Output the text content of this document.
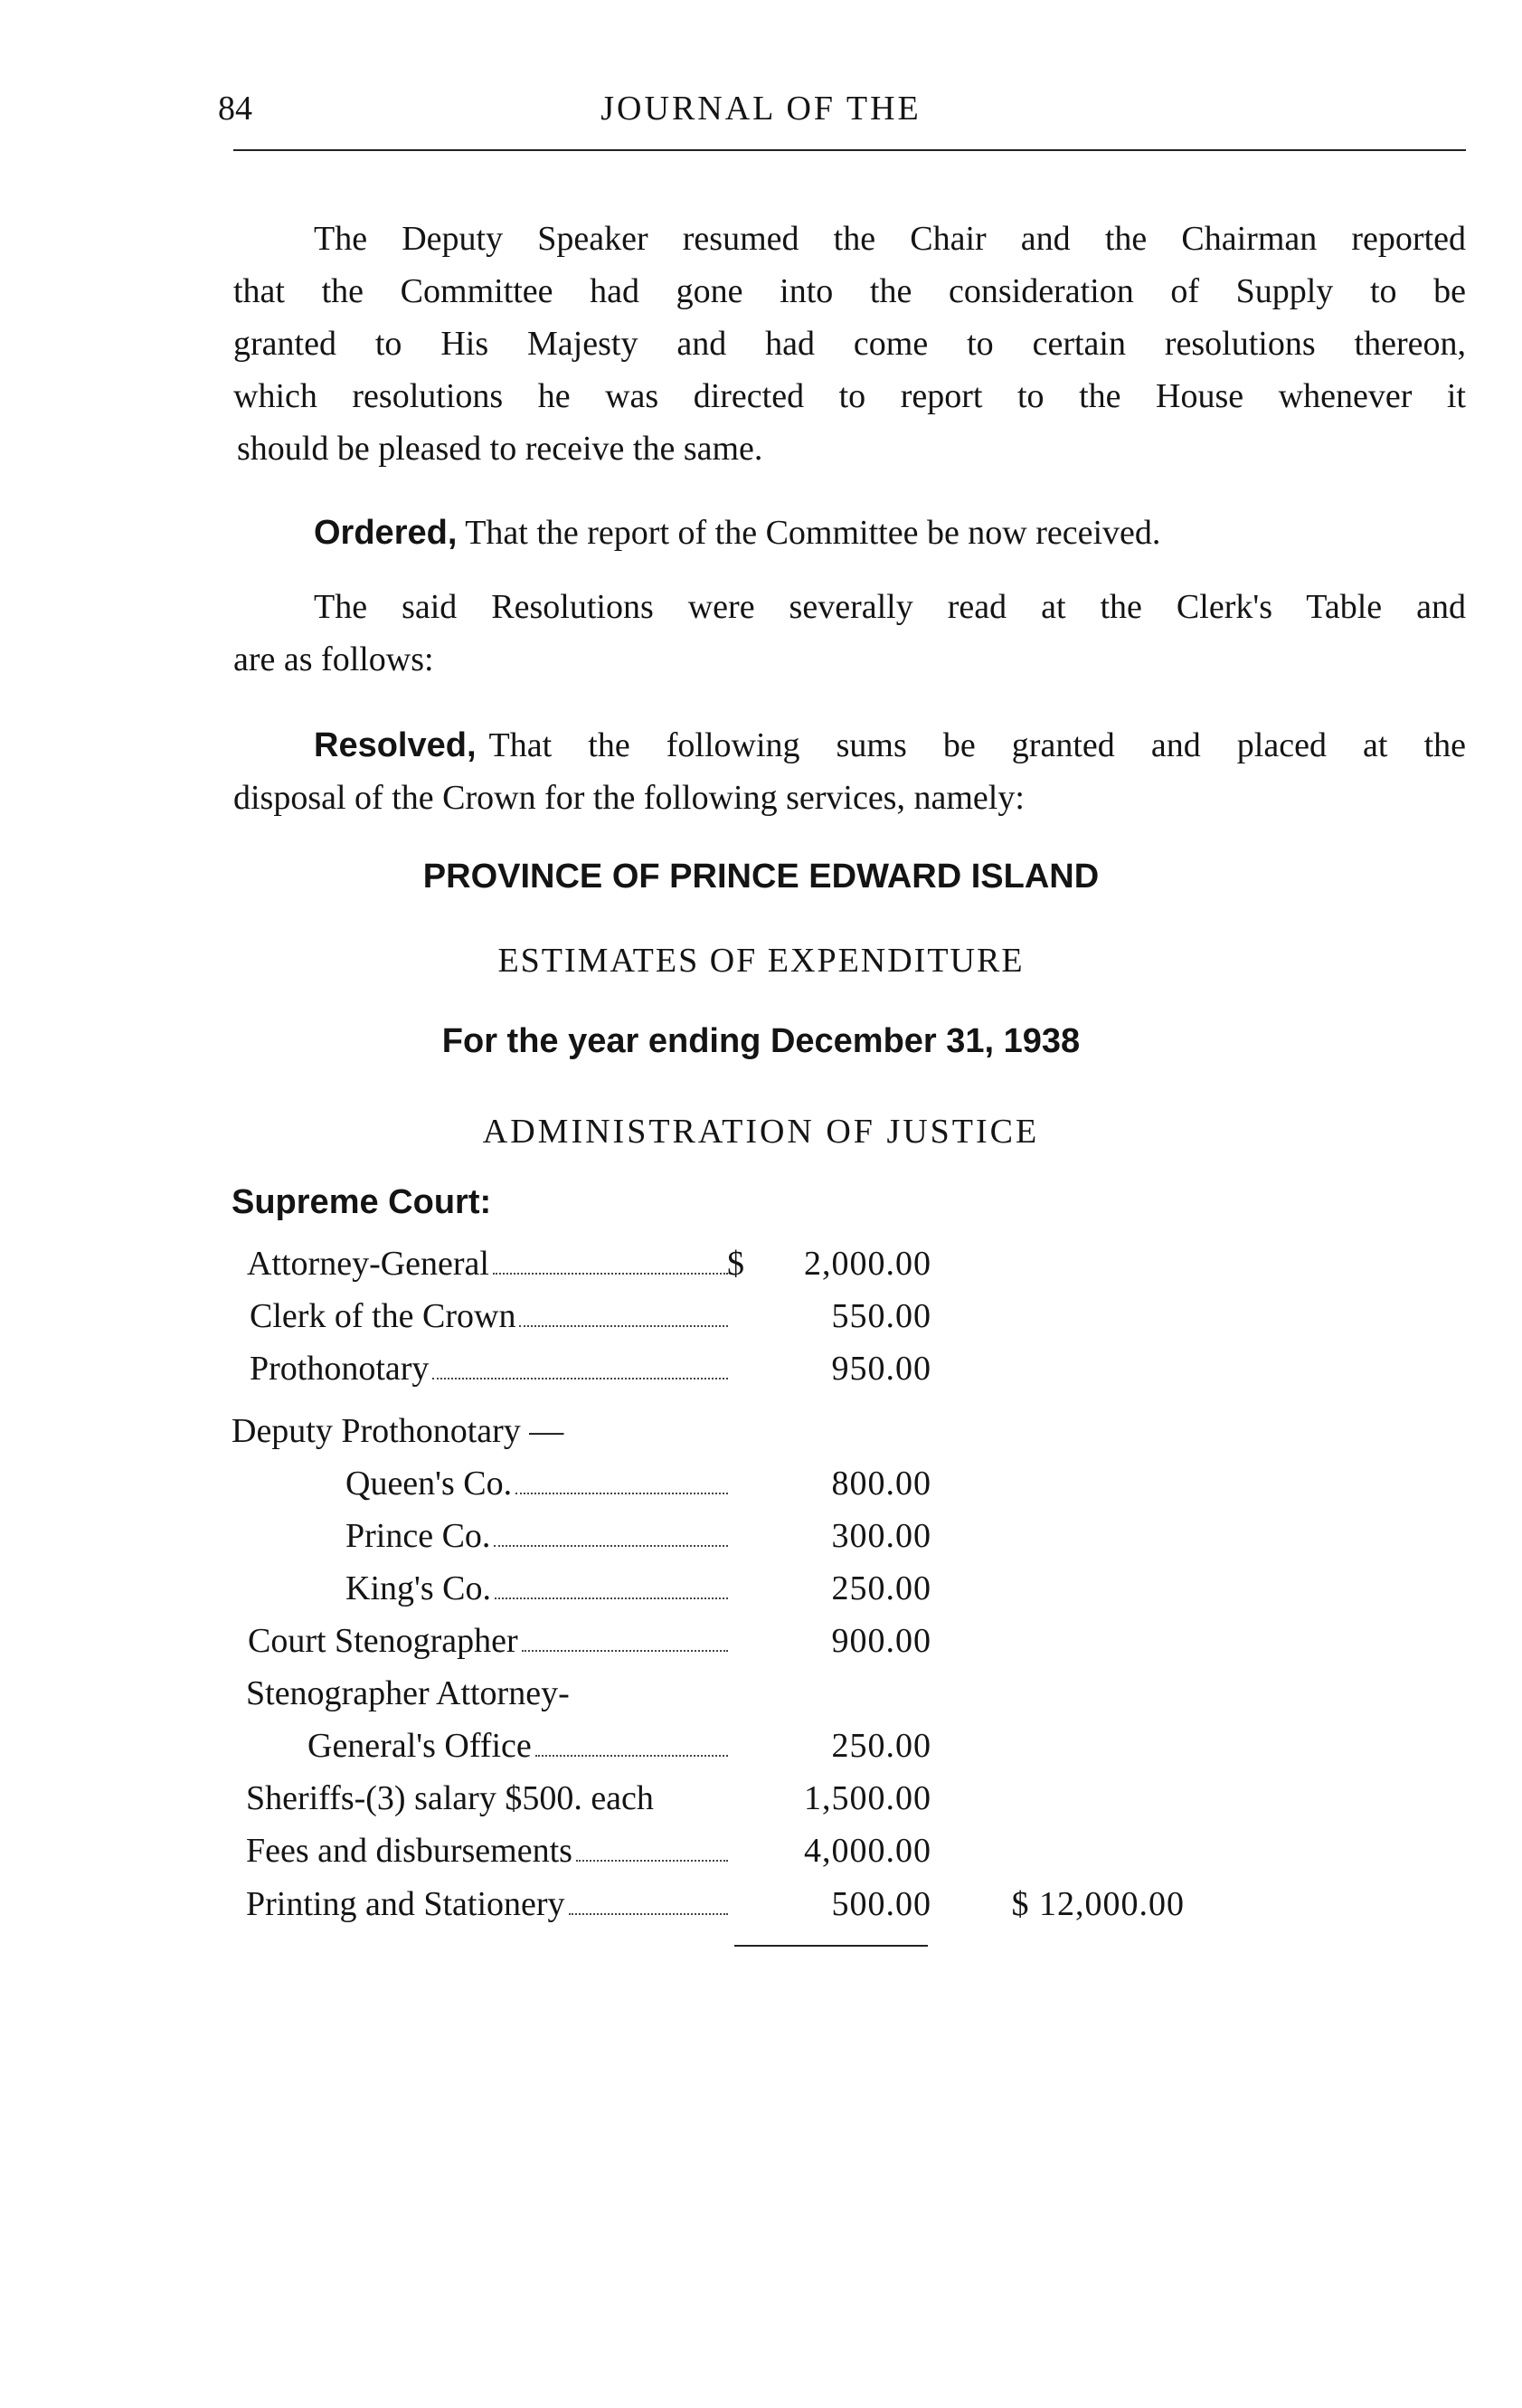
84	JOURNAL OF THE
The Deputy Speaker resumed the Chair and the Chairman reported
that the Committee had gone into the consideration of Supply to be
granted to His Majesty and had come to certain resolutions thereon,
which resolutions he was directed to report to the House whenever it
should be pleased to receive the same.
Ordered, That the report of the Committee be now received.
The said Resolutions were severally read at the Clerk's Table and
are as follows:
Resolved, That the following sums be granted and placed at the
disposal of the Crown for the following services, namely:
PROVINCE OF PRINCE EDWARD ISLAND
ESTIMATES OF EXPENDITURE
For the year ending December 31, 1938
ADMINISTRATION OF JUSTICE
Supreme Court:
Attorney-General	$	2,000.00
Clerk of the Crown	550.00
Prothonotary	950.00
Deputy Prothonotary —
Queen's Co.	800.00
Prince Co.	300.00
King's Co.	250.00
Court Stenographer	900.00
Stenographer Attorney-
General's Office	250.00
Sheriffs-(3) salary $500. each	1,500.00
Fees and disbursements	4,000.00
Printing and Stationery	500.00	$ 12,000.00
